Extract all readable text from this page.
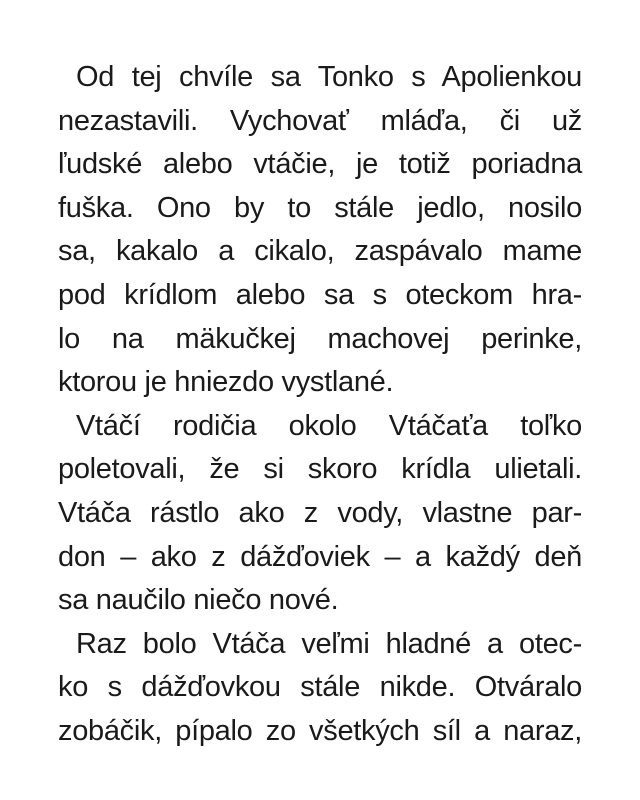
Od tej chvíle sa Tonko s Apolienkou
nezastavili. Vychovať mláďa, či už
ľudské alebo vtáčie, je totiž poriadna
fuška. Ono by to stále jedlo, nosilo
sa, kakalo a cikalo, zaspávalo mame
pod krídlom alebo sa s oteckom hra-
lo na mäkučkej machovej perinke,
ktorou je hniezdo vystlané.
Vtáčí rodičia okolo Vtáčaťa toľko
poletovali, že si skoro krídla ulietali.
Vtáča rástlo ako z vody, vlastne par-
don – ako z dážďoviek – a každý deň
sa naučilo niečo nové.
Raz bolo Vtáča veľmi hladné a otec-
ko s dážďovkou stále nikde. Otváralo
zobáčik, pípalo zo všetkých síl a naraz,
